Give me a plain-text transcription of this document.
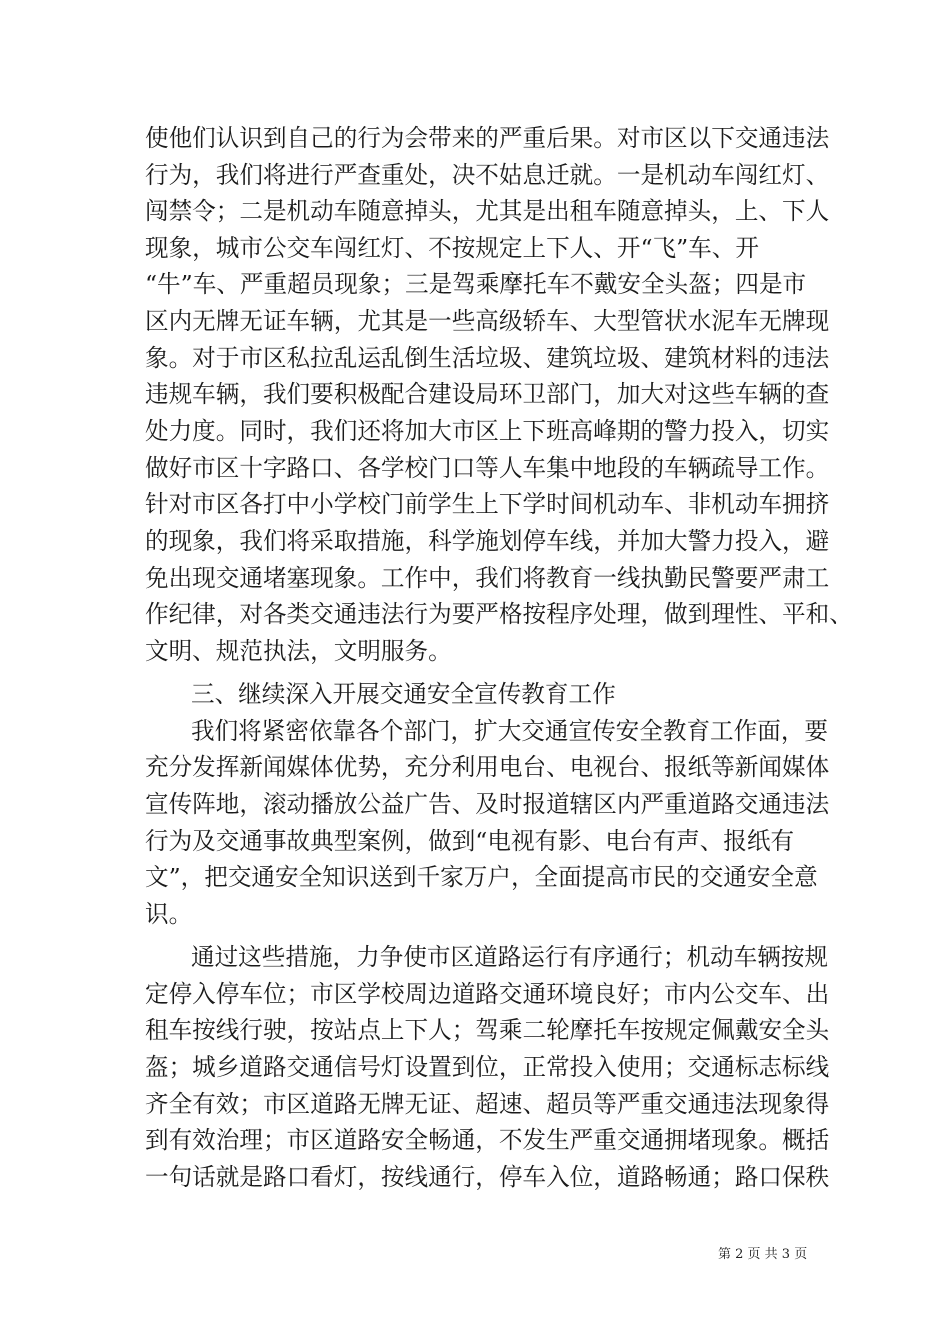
使他们认识到自己的行为会带来的严重后果。对市区以下交通违法
行为，我们将进行严查重处，决不姑息迁就。一是机动车闯红灯、
闯禁令；二是机动车随意掉头，尤其是出租车随意掉头，上、下人
现象，城市公交车闯红灯、不按规定上下人、开“飞”车、开
“牛”车、严重超员现象；三是驾乘摩托车不戴安全头盔；四是市
区内无牌无证车辆，尤其是一些高级轿车、大型管状水泥车无牌现
象。对于市区私拉乱运乱倒生活垃圾、建筑垃圾、建筑材料的违法
违规车辆，我们要积极配合建设局环卫部门，加大对这些车辆的查
处力度。同时，我们还将加大市区上下班高峰期的警力投入，切实
做好市区十字路口、各学校门口等人车集中地段的车辆疏导工作。
针对市区各打中小学校门前学生上下学时间机动车、非机动车拥挤
的现象，我们将采取措施，科学施划停车线，并加大警力投入，避
免出现交通堵塞现象。工作中，我们将教育一线执勤民警要严肃工
作纪律，对各类交通违法行为要严格按程序处理，做到理性、平和、
文明、规范执法，文明服务。
三、继续深入开展交通安全宣传教育工作
我们将紧密依靠各个部门，扩大交通宣传安全教育工作面，要
充分发挥新闻媒体优势，充分利用电台、电视台、报纸等新闻媒体
宣传阵地，滚动播放公益广告、及时报道辖区内严重道路交通违法
行为及交通事故典型案例，做到“电视有影、电台有声、报纸有
文”，把交通安全知识送到千家万户，全面提高市民的交通安全意
识。
通过这些措施，力争使市区道路运行有序通行；机动车辆按规
定停入停车位；市区学校周边道路交通环境良好；市内公交车、出
租车按线行驶，按站点上下人；驾乘二轮摩托车按规定佩戴安全头
盔；城乡道路交通信号灯设置到位，正常投入使用；交通标志标线
齐全有效；市区道路无牌无证、超速、超员等严重交通违法现象得
到有效治理；市区道路安全畅通，不发生严重交通拥堵现象。概括
一句话就是路口看灯，按线通行，停车入位，道路畅通；路口保秩
第 2 页 共 3 页
